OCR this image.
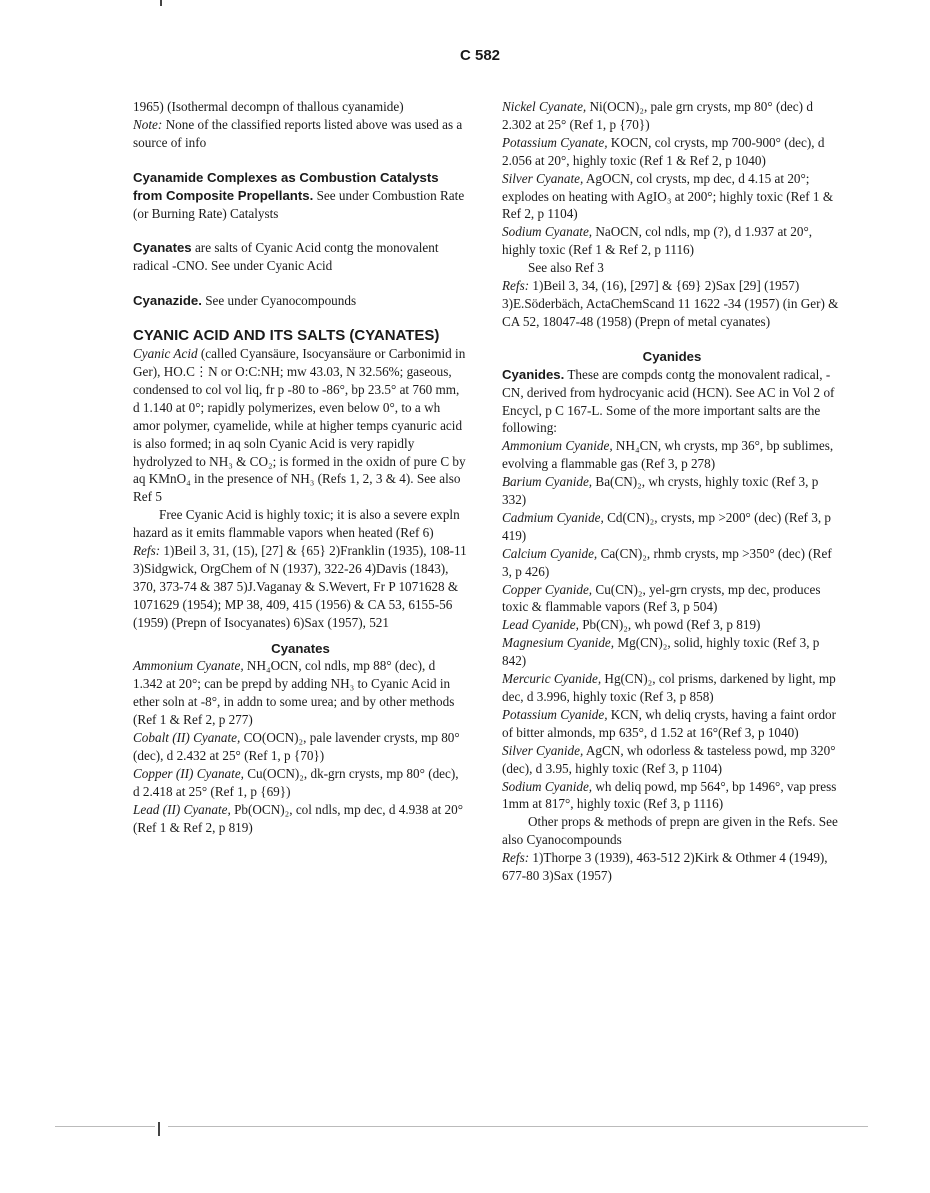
C 582

1965) (Isothermal decompn of thallous cyanamide)

Note: None of the classified reports listed above was used as a source of info

Cyanamide Complexes as Combustion Catalysts from Composite Propellants. See under Combustion Rate (or Burning Rate) Catalysts

Cyanates are salts of Cyanic Acid contg the monovalent radical -CNO. See under Cyanic Acid

Cyanazide. See under Cyanocompounds

CYANIC ACID AND ITS SALTS (CYANATES)

Cyanic Acid (called Cyansäure, Isocyansäure or Carbonimid in Ger), HO.C⋮N or O:C:NH; mw 43.03, N 32.56%; gaseous, condensed to col vol liq, fr p -80 to -86°, bp 23.5° at 760 mm, d 1.140 at 0°; rapidly polymerizes, even below 0°, to a wh amor polymer, cyamelide, while at higher temps cyanuric acid is also formed; in aq soln Cyanic Acid is very rapidly hydrolyzed to NH₃ & CO₂; is formed in the oxidn of pure C by aq KMnO₄ in the presence of NH₃ (Refs 1, 2, 3 & 4). See also Ref 5

Free Cyanic Acid is highly toxic; it is also a severe expln hazard as it emits flammable vapors when heated (Ref 6)

Refs: 1)Beil 3, 31, (15), [27] & {65} 2)Franklin (1935), 108-11 3)Sidgwick, OrgChem of N (1937), 322-26 4)Davis (1843), 370, 373-74 & 387 5)J.Vaganay & S.Wevert, Fr P 1071628 & 1071629 (1954); MP 38, 409, 415 (1956) & CA 53, 6155-56 (1959) (Prepn of Isocyanates) 6)Sax (1957), 521

Cyanates

Ammonium Cyanate, NH₄OCN, col ndls, mp 88° (dec), d 1.342 at 20°; can be prepd by adding NH₃ to Cyanic Acid in ether soln at -8°, in addn to some urea; and by other methods (Ref 1 & Ref 2, p 277)

Cobalt (II) Cyanate, CO(OCN)₂, pale lavender crysts, mp 80° (dec), d 2.432 at 25° (Ref 1, p {70})

Copper (II) Cyanate, Cu(OCN)₂, dk-grn crysts, mp 80° (dec), d 2.418 at 25° (Ref 1, p {69})

Lead (II) Cyanate, Pb(OCN)₂, col ndls, mp dec, d 4.938 at 20° (Ref 1 & Ref 2, p 819)

Nickel Cyanate, Ni(OCN)₂, pale grn crysts, mp 80° (dec) d 2.302 at 25° (Ref 1, p {70})

Potassium Cyanate, KOCN, col crysts, mp 700-900° (dec), d 2.056 at 20°, highly toxic (Ref 1 & Ref 2, p 1040)

Silver Cyanate, AgOCN, col crysts, mp dec, d 4.15 at 20°; explodes on heating with AgIO₃ at 200°; highly toxic (Ref 1 & Ref 2, p 1104)

Sodium Cyanate, NaOCN, col ndls, mp (?), d 1.937 at 20°, highly toxic (Ref 1 & Ref 2, p 1116)

See also Ref 3

Refs: 1)Beil 3, 34, (16), [297] & {69} 2)Sax [29] (1957) 3)E.Söderbäch, ActaChemScand 11 1622 -34 (1957) (in Ger) & CA 52, 18047-48 (1958) (Prepn of metal cyanates)

Cyanides

Cyanides. These are compds contg the monovalent radical, -CN, derived from hydrocyanic acid (HCN). See AC in Vol 2 of Encycl, p C 167-L. Some of the more important salts are the following:

Ammonium Cyanide, NH₄CN, wh crysts, mp 36°, bp sublimes, evolving a flammable gas (Ref 3, p 278)

Barium Cyanide, Ba(CN)₂, wh crysts, highly toxic (Ref 3, p 332)

Cadmium Cyanide, Cd(CN)₂, crysts, mp >200° (dec) (Ref 3, p 419)

Calcium Cyanide, Ca(CN)₂, rhmb crysts, mp >350° (dec) (Ref 3, p 426)

Copper Cyanide, Cu(CN)₂, yel-grn crysts, mp dec, produces toxic & flammable vapors (Ref 3, p 504)

Lead Cyanide, Pb(CN)₂, wh powd (Ref 3, p 819)

Magnesium Cyanide, Mg(CN)₂, solid, highly toxic (Ref 3, p 842)

Mercuric Cyanide, Hg(CN)₂, col prisms, darkened by light, mp dec, d 3.996, highly toxic (Ref 3, p 858)

Potassium Cyanide, KCN, wh deliq crysts, having a faint ordor of bitter almonds, mp 635°, d 1.52 at 16°(Ref 3, p 1040)

Silver Cyanide, AgCN, wh odorless & tasteless powd, mp 320° (dec), d 3.95, highly toxic (Ref 3, p 1104)

Sodium Cyanide, wh deliq powd, mp 564°, bp 1496°, vap press 1mm at 817°, highly toxic (Ref 3, p 1116)

Other props & methods of prepn are given in the Refs. See also Cyanocompounds

Refs: 1)Thorpe 3 (1939), 463-512 2)Kirk & Othmer 4 (1949), 677-80 3)Sax (1957)
